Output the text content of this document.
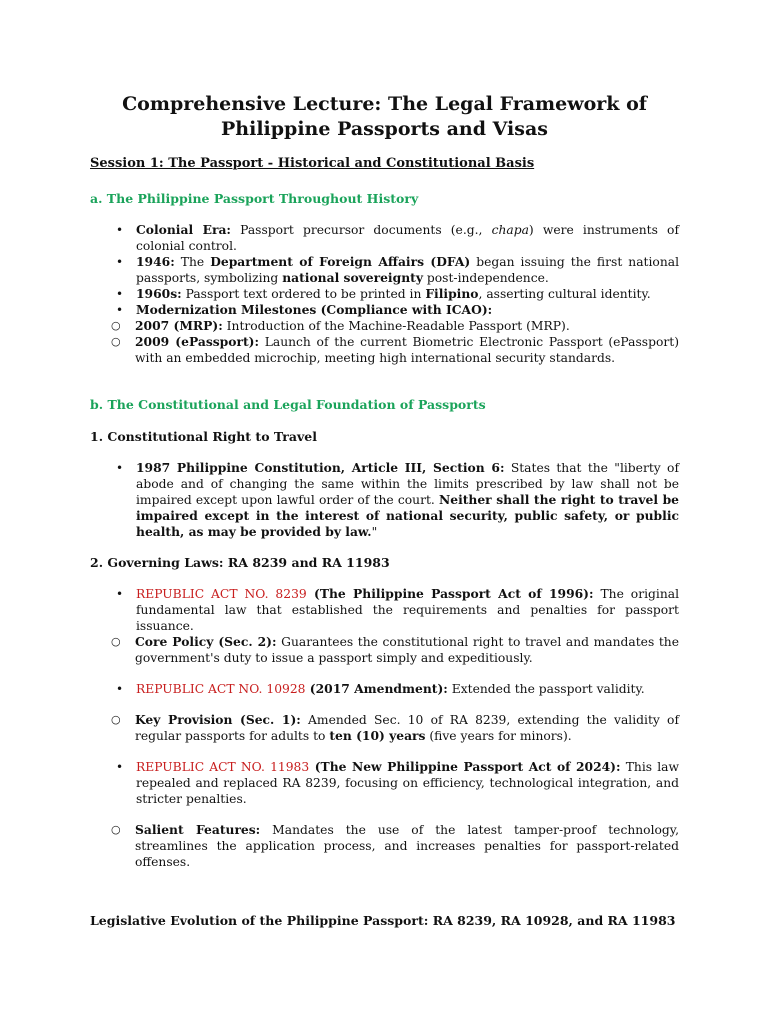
Comprehensive Lecture: The Legal Framework of Philippine Passports and Visas

Session 1: The Passport - Historical and Constitutional Basis

a. The Philippine Passport Throughout History

• Colonial Era: Passport precursor documents (e.g., chapa) were instruments of colonial control.
• 1946: The Department of Foreign Affairs (DFA) began issuing the first national passports, symbolizing national sovereignty post-independence.
• 1960s: Passport text ordered to be printed in Filipino, asserting cultural identity.
• Modernization Milestones (Compliance with ICAO):
○ 2007 (MRP): Introduction of the Machine-Readable Passport (MRP).
○ 2009 (ePassport): Launch of the current Biometric Electronic Passport (ePassport) with an embedded microchip, meeting high international security standards.

b. The Constitutional and Legal Foundation of Passports

1. Constitutional Right to Travel

• 1987 Philippine Constitution, Article III, Section 6: States that the "liberty of abode and of changing the same within the limits prescribed by law shall not be impaired except upon lawful order of the court. Neither shall the right to travel be impaired except in the interest of national security, public safety, or public health, as may be provided by law."

2. Governing Laws: RA 8239 and RA 11983

• REPUBLIC ACT NO. 8239 (The Philippine Passport Act of 1996): The original fundamental law that established the requirements and penalties for passport issuance.
○ Core Policy (Sec. 2): Guarantees the constitutional right to travel and mandates the government's duty to issue a passport simply and expeditiously.
• REPUBLIC ACT NO. 10928 (2017 Amendment): Extended the passport validity.
○ Key Provision (Sec. 1): Amended Sec. 10 of RA 8239, extending the validity of regular passports for adults to ten (10) years (five years for minors).
• REPUBLIC ACT NO. 11983 (The New Philippine Passport Act of 2024): This law repealed and replaced RA 8239, focusing on efficiency, technological integration, and stricter penalties.
○ Salient Features: Mandates the use of the latest tamper-proof technology, streamlines the application process, and increases penalties for passport-related offenses.

Legislative Evolution of the Philippine Passport: RA 8239, RA 10928, and RA 11983
